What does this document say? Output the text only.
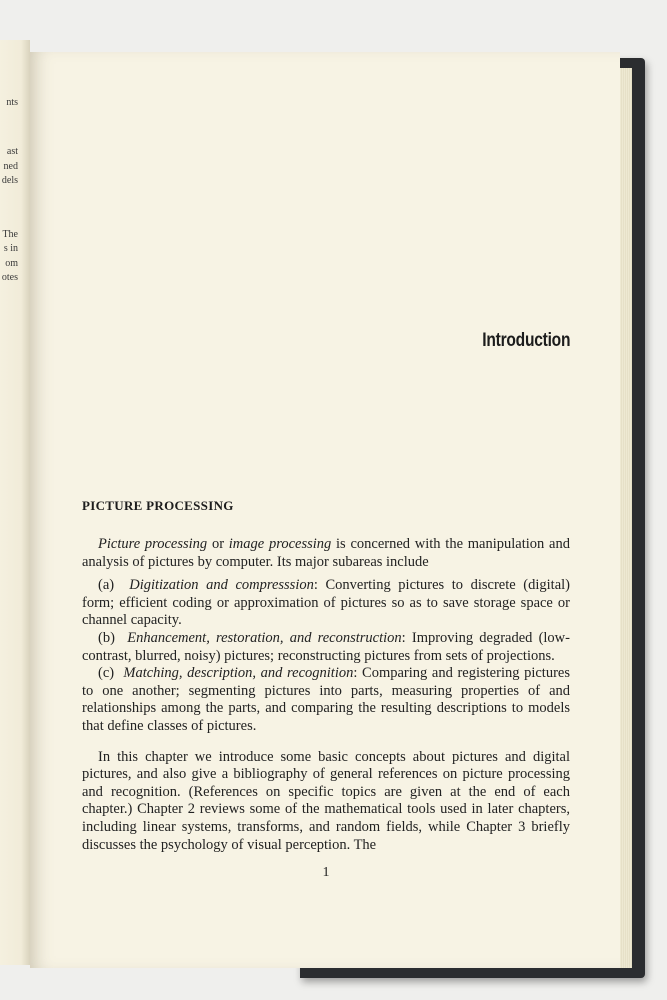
nts
ast
ned
dels
The
s in
om
otes
Introduction
PICTURE PROCESSING

Picture processing or image processing is concerned with the manipulation and analysis of pictures by computer. Its major subareas include

(a) Digitization and compresssion: Converting pictures to discrete (digital) form; efficient coding or approximation of pictures so as to save storage space or channel capacity.

(b) Enhancement, restoration, and reconstruction: Improving degraded (low-contrast, blurred, noisy) pictures; reconstructing pictures from sets of projections.

(c) Matching, description, and recognition: Comparing and registering pictures to one another; segmenting pictures into parts, measuring properties of and relationships among the parts, and comparing the resulting descriptions to models that define classes of pictures.

In this chapter we introduce some basic concepts about pictures and digital pictures, and also give a bibliography of general references on picture processing and recognition. (References on specific topics are given at the end of each chapter.) Chapter 2 reviews some of the mathematical tools used in later chapters, including linear systems, transforms, and random fields, while Chapter 3 briefly discusses the psychology of visual perception. The

1
